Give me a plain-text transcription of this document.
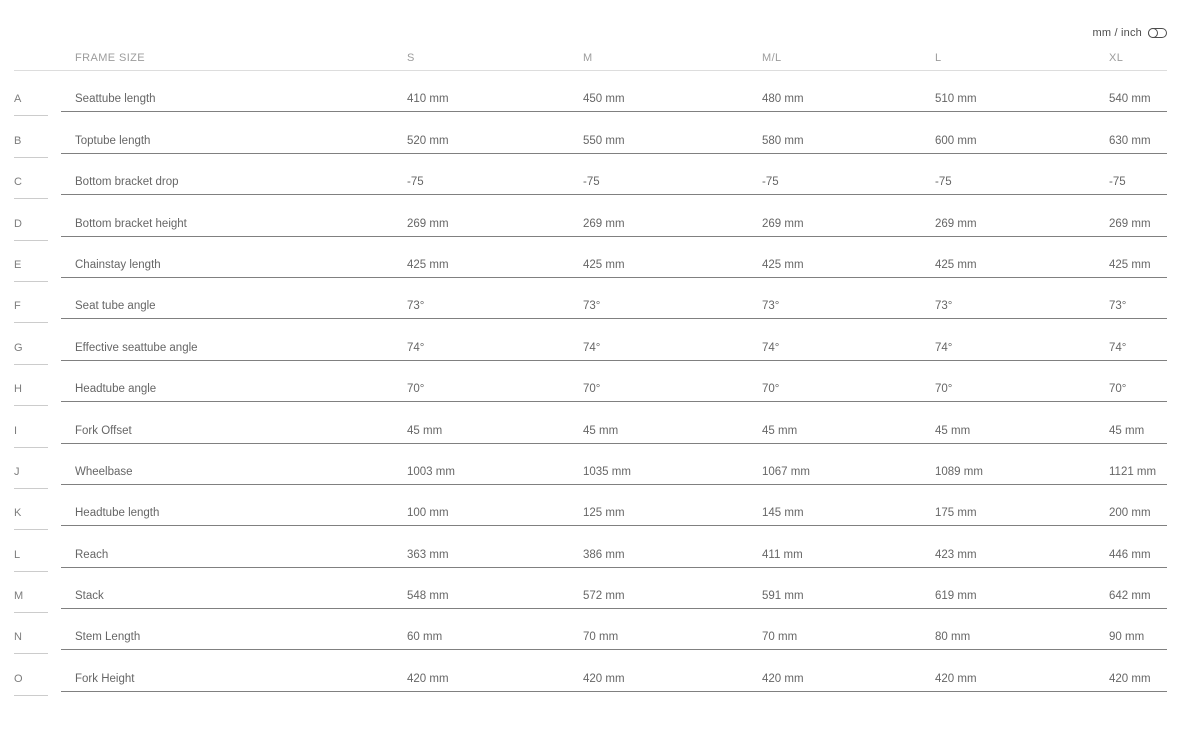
mm / inch
FRAME SIZE	S	M	M/L	L	XL
A	Seattube length	410 mm	450 mm	480 mm	510 mm	540 mm
B	Toptube length	520 mm	550 mm	580 mm	600 mm	630 mm
C	Bottom bracket drop	-75	-75	-75	-75	-75
D	Bottom bracket height	269 mm	269 mm	269 mm	269 mm	269 mm
E	Chainstay length	425 mm	425 mm	425 mm	425 mm	425 mm
F	Seat tube angle	73°	73°	73°	73°	73°
G	Effective seattube angle	74°	74°	74°	74°	74°
H	Headtube angle	70°	70°	70°	70°	70°
I	Fork Offset	45 mm	45 mm	45 mm	45 mm	45 mm
J	Wheelbase	1003 mm	1035 mm	1067 mm	1089 mm	1121 mm
K	Headtube length	100 mm	125 mm	145 mm	175 mm	200 mm
L	Reach	363 mm	386 mm	411 mm	423 mm	446 mm
M	Stack	548 mm	572 mm	591 mm	619 mm	642 mm
N	Stem Length	60 mm	70 mm	70 mm	80 mm	90 mm
O	Fork Height	420 mm	420 mm	420 mm	420 mm	420 mm
